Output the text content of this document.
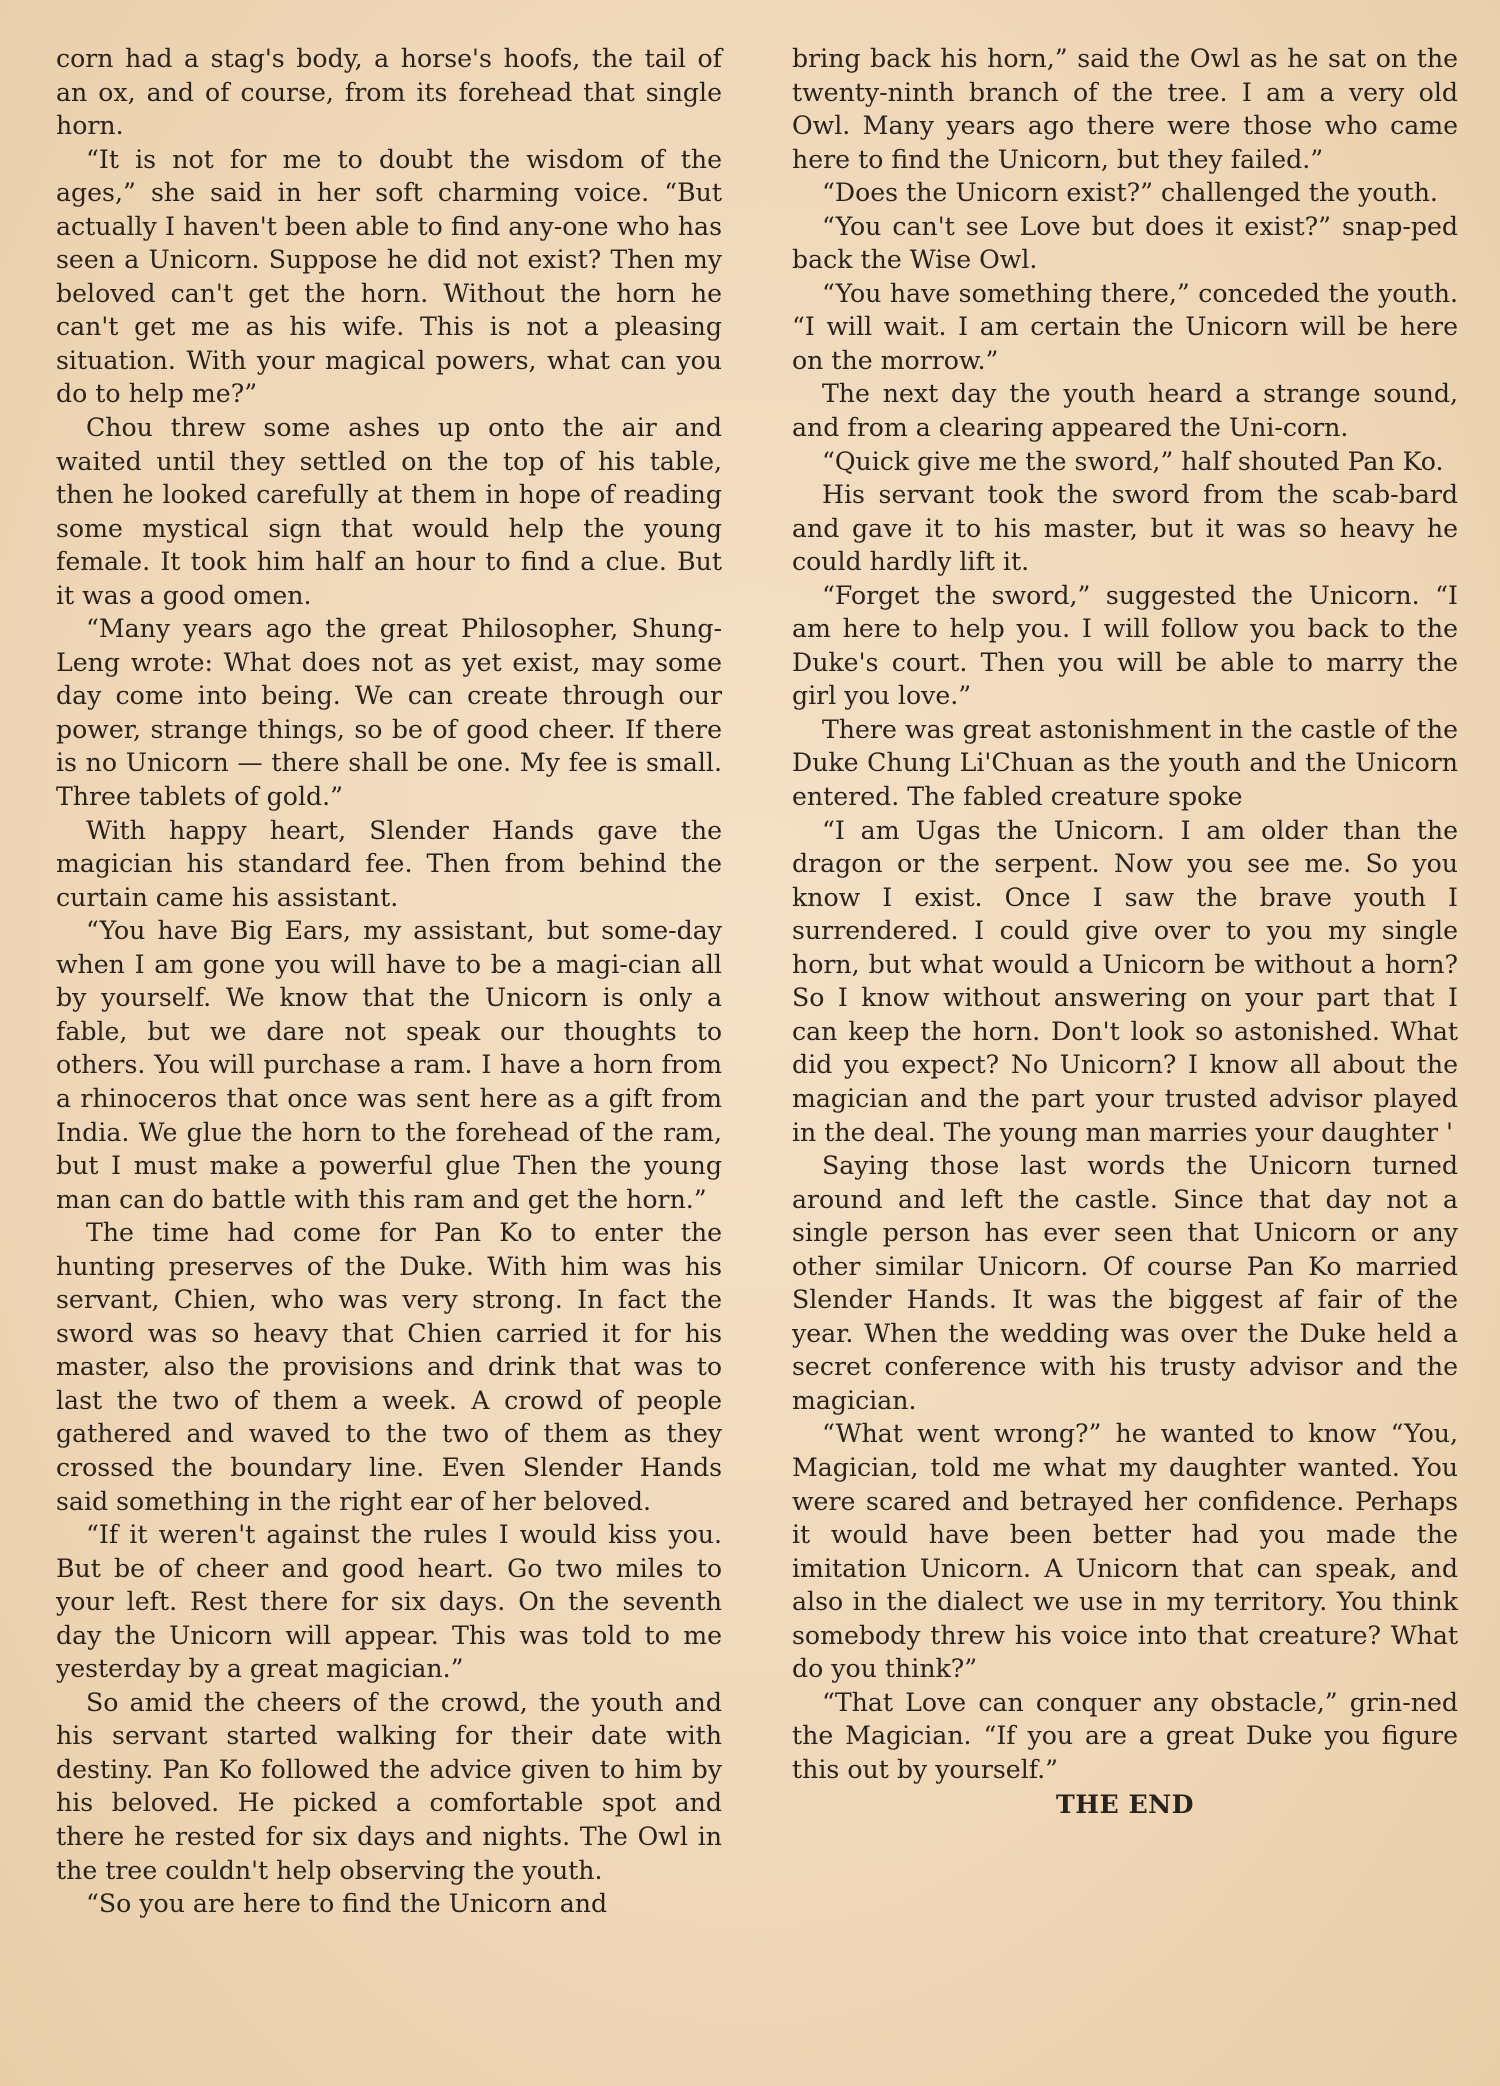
corn had a stag's body, a horse's hoofs, the tail of an ox, and of course, from its forehead that single horn.

“It is not for me to doubt the wisdom of the ages,” she said in her soft charming voice. “But actually I haven't been able to find any-one who has seen a Unicorn. Suppose he did not exist? Then my beloved can't get the horn. Without the horn he can't get me as his wife. This is not a pleasing situation. With your magical powers, what can you do to help me?”

Chou threw some ashes up onto the air and waited until they settled on the top of his table, then he looked carefully at them in hope of reading some mystical sign that would help the young female. It took him half an hour to find a clue. But it was a good omen.

“Many years ago the great Philosopher, Shung-Leng wrote: What does not as yet exist, may some day come into being. We can create through our power, strange things, so be of good cheer. If there is no Unicorn — there shall be one. My fee is small. Three tablets of gold.”

With happy heart, Slender Hands gave the magician his standard fee. Then from behind the curtain came his assistant.

“You have Big Ears, my assistant, but some-day when I am gone you will have to be a magi-cian all by yourself. We know that the Unicorn is only a fable, but we dare not speak our thoughts to others. You will purchase a ram. I have a horn from a rhinoceros that once was sent here as a gift from India. We glue the horn to the forehead of the ram, but I must make a powerful glue Then the young man can do battle with this ram and get the horn.”

The time had come for Pan Ko to enter the hunting preserves of the Duke. With him was his servant, Chien, who was very strong. In fact the sword was so heavy that Chien carried it for his master, also the provisions and drink that was to last the two of them a week. A crowd of people gathered and waved to the two of them as they crossed the boundary line. Even Slender Hands said something in the right ear of her beloved.

“If it weren't against the rules I would kiss you. But be of cheer and good heart. Go two miles to your left. Rest there for six days. On the seventh day the Unicorn will appear. This was told to me yesterday by a great magician.”

So amid the cheers of the crowd, the youth and his servant started walking for their date with destiny. Pan Ko followed the advice given to him by his beloved. He picked a comfortable spot and there he rested for six days and nights. The Owl in the tree couldn't help observing the youth.

“So you are here to find the Unicorn and

bring back his horn,” said the Owl as he sat on the twenty-ninth branch of the tree. I am a very old Owl. Many years ago there were those who came here to find the Unicorn, but they failed.”

“Does the Unicorn exist?” challenged the youth.

“You can't see Love but does it exist?” snap-ped back the Wise Owl.

“You have something there,” conceded the youth. “I will wait. I am certain the Unicorn will be here on the morrow.”

The next day the youth heard a strange sound, and from a clearing appeared the Uni-corn.

“Quick give me the sword,” half shouted Pan Ko.

His servant took the sword from the scab-bard and gave it to his master, but it was so heavy he could hardly lift it.

“Forget the sword,” suggested the Unicorn. “I am here to help you. I will follow you back to the Duke's court. Then you will be able to marry the girl you love.”

There was great astonishment in the castle of the Duke Chung Li'Chuan as the youth and the Unicorn entered. The fabled creature spoke

“I am Ugas the Unicorn. I am older than the dragon or the serpent. Now you see me. So you know I exist. Once I saw the brave youth I surrendered. I could give over to you my single horn, but what would a Unicorn be without a horn? So I know without answering on your part that I can keep the horn. Don't look so astonished. What did you expect? No Unicorn? I know all about the magician and the part your trusted advisor played in the deal. The young man marries your daughter '

Saying those last words the Unicorn turned around and left the castle. Since that day not a single person has ever seen that Unicorn or any other similar Unicorn. Of course Pan Ko married Slender Hands. It was the biggest af fair of the year. When the wedding was over the Duke held a secret conference with his trusty advisor and the magician.

“What went wrong?” he wanted to know “You, Magician, told me what my daughter wanted. You were scared and betrayed her confidence. Perhaps it would have been better had you made the imitation Unicorn. A Unicorn that can speak, and also in the dialect we use in my territory. You think somebody threw his voice into that creature? What do you think?”

“That Love can conquer any obstacle,” grin-ned the Magician. “If you are a great Duke you figure this out by yourself.”

THE END
